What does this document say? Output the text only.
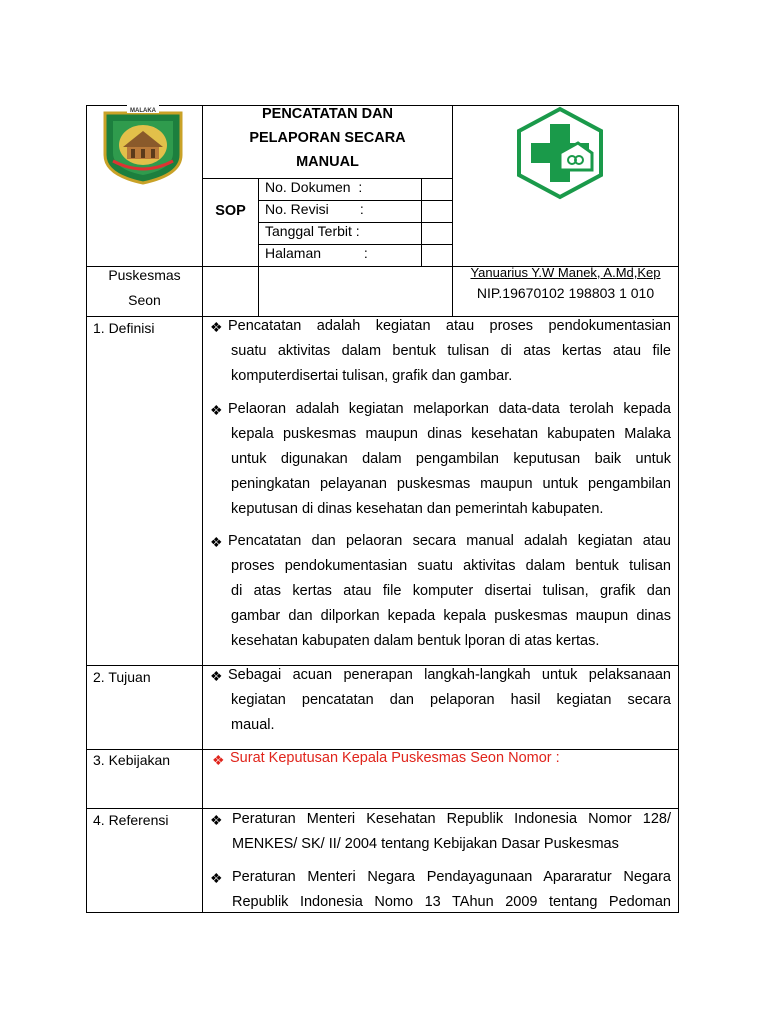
MALAKA	PENCATATAN DAN
PELAPORAN SECARA
MANUAL
SOP
No. Dokumen  :
No. Revisi        :
Tanggal Terbit :
Halaman           :
Puskesmas
Seon
Yanuarius Y.W Manek, A.Md,Kep
NIP.19670102 198803 1 010
1. Definisi	❖ Pencatatan adalah kegiatan atau proses pendokumentasian
suatu aktivitas dalam bentuk tulisan di atas kertas atau file
komputerdisertai tulisan, grafik dan gambar.
❖ Pelaoran adalah kegiatan melaporkan data-data terolah kepada
kepala puskesmas maupun dinas kesehatan kabupaten Malaka
untuk digunakan dalam pengambilan keputusan baik untuk
peningkatan pelayanan puskesmas maupun untuk pengambilan
keputusan di dinas kesehatan dan pemerintah kabupaten.
❖ Pencatatan dan pelaoran secara manual adalah kegiatan atau
proses pendokumentasian suatu aktivitas dalam bentuk tulisan
di atas kertas atau file komputer disertai tulisan, grafik dan
gambar dan dilporkan kepada kepala puskesmas maupun dinas
kesehatan kabupaten dalam bentuk lporan di atas kertas.
2. Tujuan	❖ Sebagai acuan penerapan langkah-langkah untuk pelaksanaan
kegiatan pencatatan dan pelaporan hasil kegiatan secara
maual.
3. Kebijakan	❖ Surat Keputusan Kepala Puskesmas Seon Nomor :
4. Referensi	❖ Peraturan Menteri Kesehatan Republik Indonesia Nomor 128/
MENKES/ SK/ II/ 2004 tentang Kebijakan Dasar Puskesmas
❖ Peraturan Menteri Negara Pendayagunaan Apararatur Negara
Republik Indonesia Nomo 13 TAhun 2009 tentang Pedoman
